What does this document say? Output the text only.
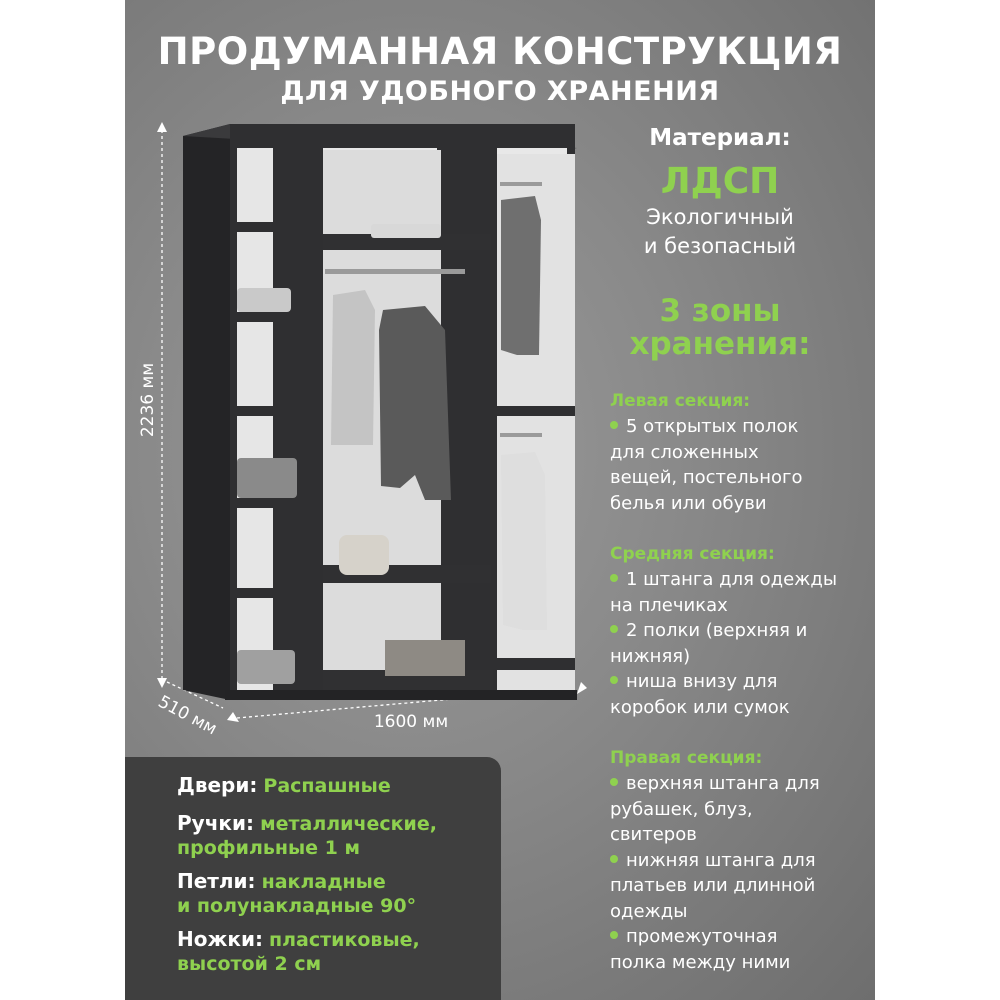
ПРОДУМАННАЯ КОНСТРУКЦИЯ
ДЛЯ УДОБНОГО ХРАНЕНИЯ
2236 мм
510 мм	1600 мм
Материал:
ЛДСП
Экологичный
и безопасный
3 зоны
хранения:
Левая секция:
5 открытых полок
для сложенных
вещей, постельного
белья или обуви
Средняя секция:
1 штанга для одежды
на плечиках
2 полки (верхняя и
нижняя)
ниша внизу для
коробок или сумок
Правая секция:
верхняя штанга для
рубашек, блуз,
свитеров
нижняя штанга для
платьев или длинной
одежды
промежуточная
полка между ними
Двери: Распашные
Ручки: металлические,
профильные 1 м
Петли: накладные
и полунакладные 90°
Ножки: пластиковые,
высотой 2 см
